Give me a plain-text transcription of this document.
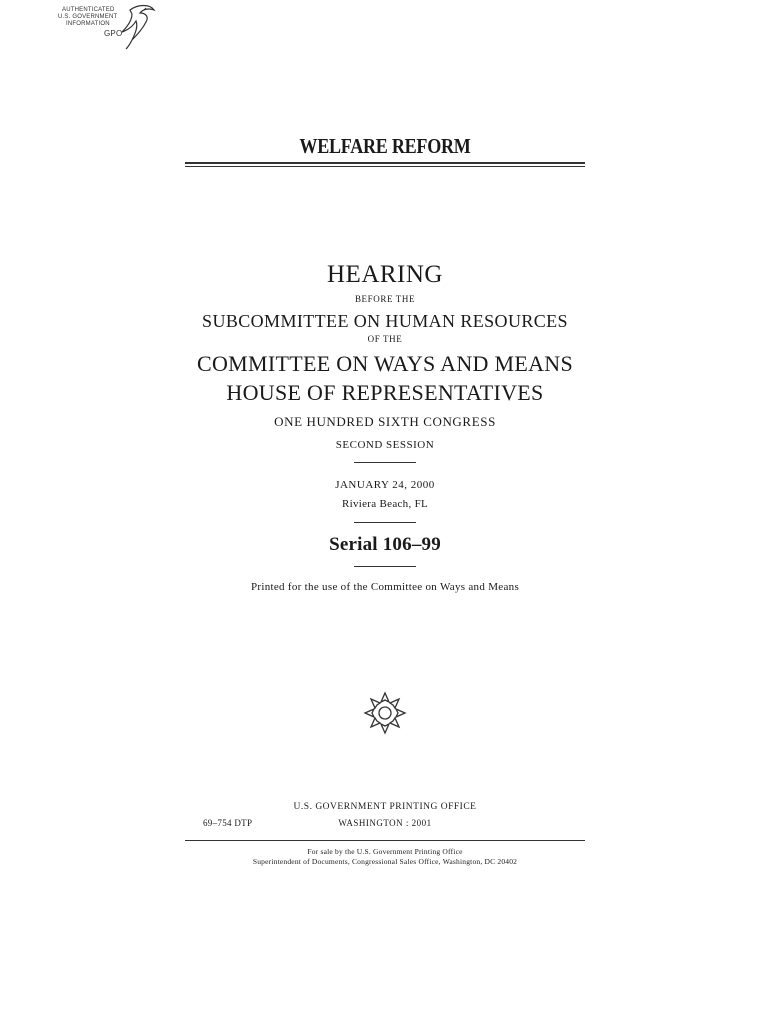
AUTHENTICATED
U.S. GOVERNMENT
INFORMATION
GPO
WELFARE REFORM
HEARING
BEFORE THE
SUBCOMMITTEE ON HUMAN RESOURCES
OF THE
COMMITTEE ON WAYS AND MEANS
HOUSE OF REPRESENTATIVES
ONE HUNDRED SIXTH CONGRESS
SECOND SESSION
JANUARY 24, 2000
Riviera Beach, FL
Serial 106–99
Printed for the use of the Committee on Ways and Means
U.S. GOVERNMENT PRINTING OFFICE
69–754 DTP	WASHINGTON : 2001
For sale by the U.S. Government Printing Office
Superintendent of Documents, Congressional Sales Office, Washington, DC 20402
